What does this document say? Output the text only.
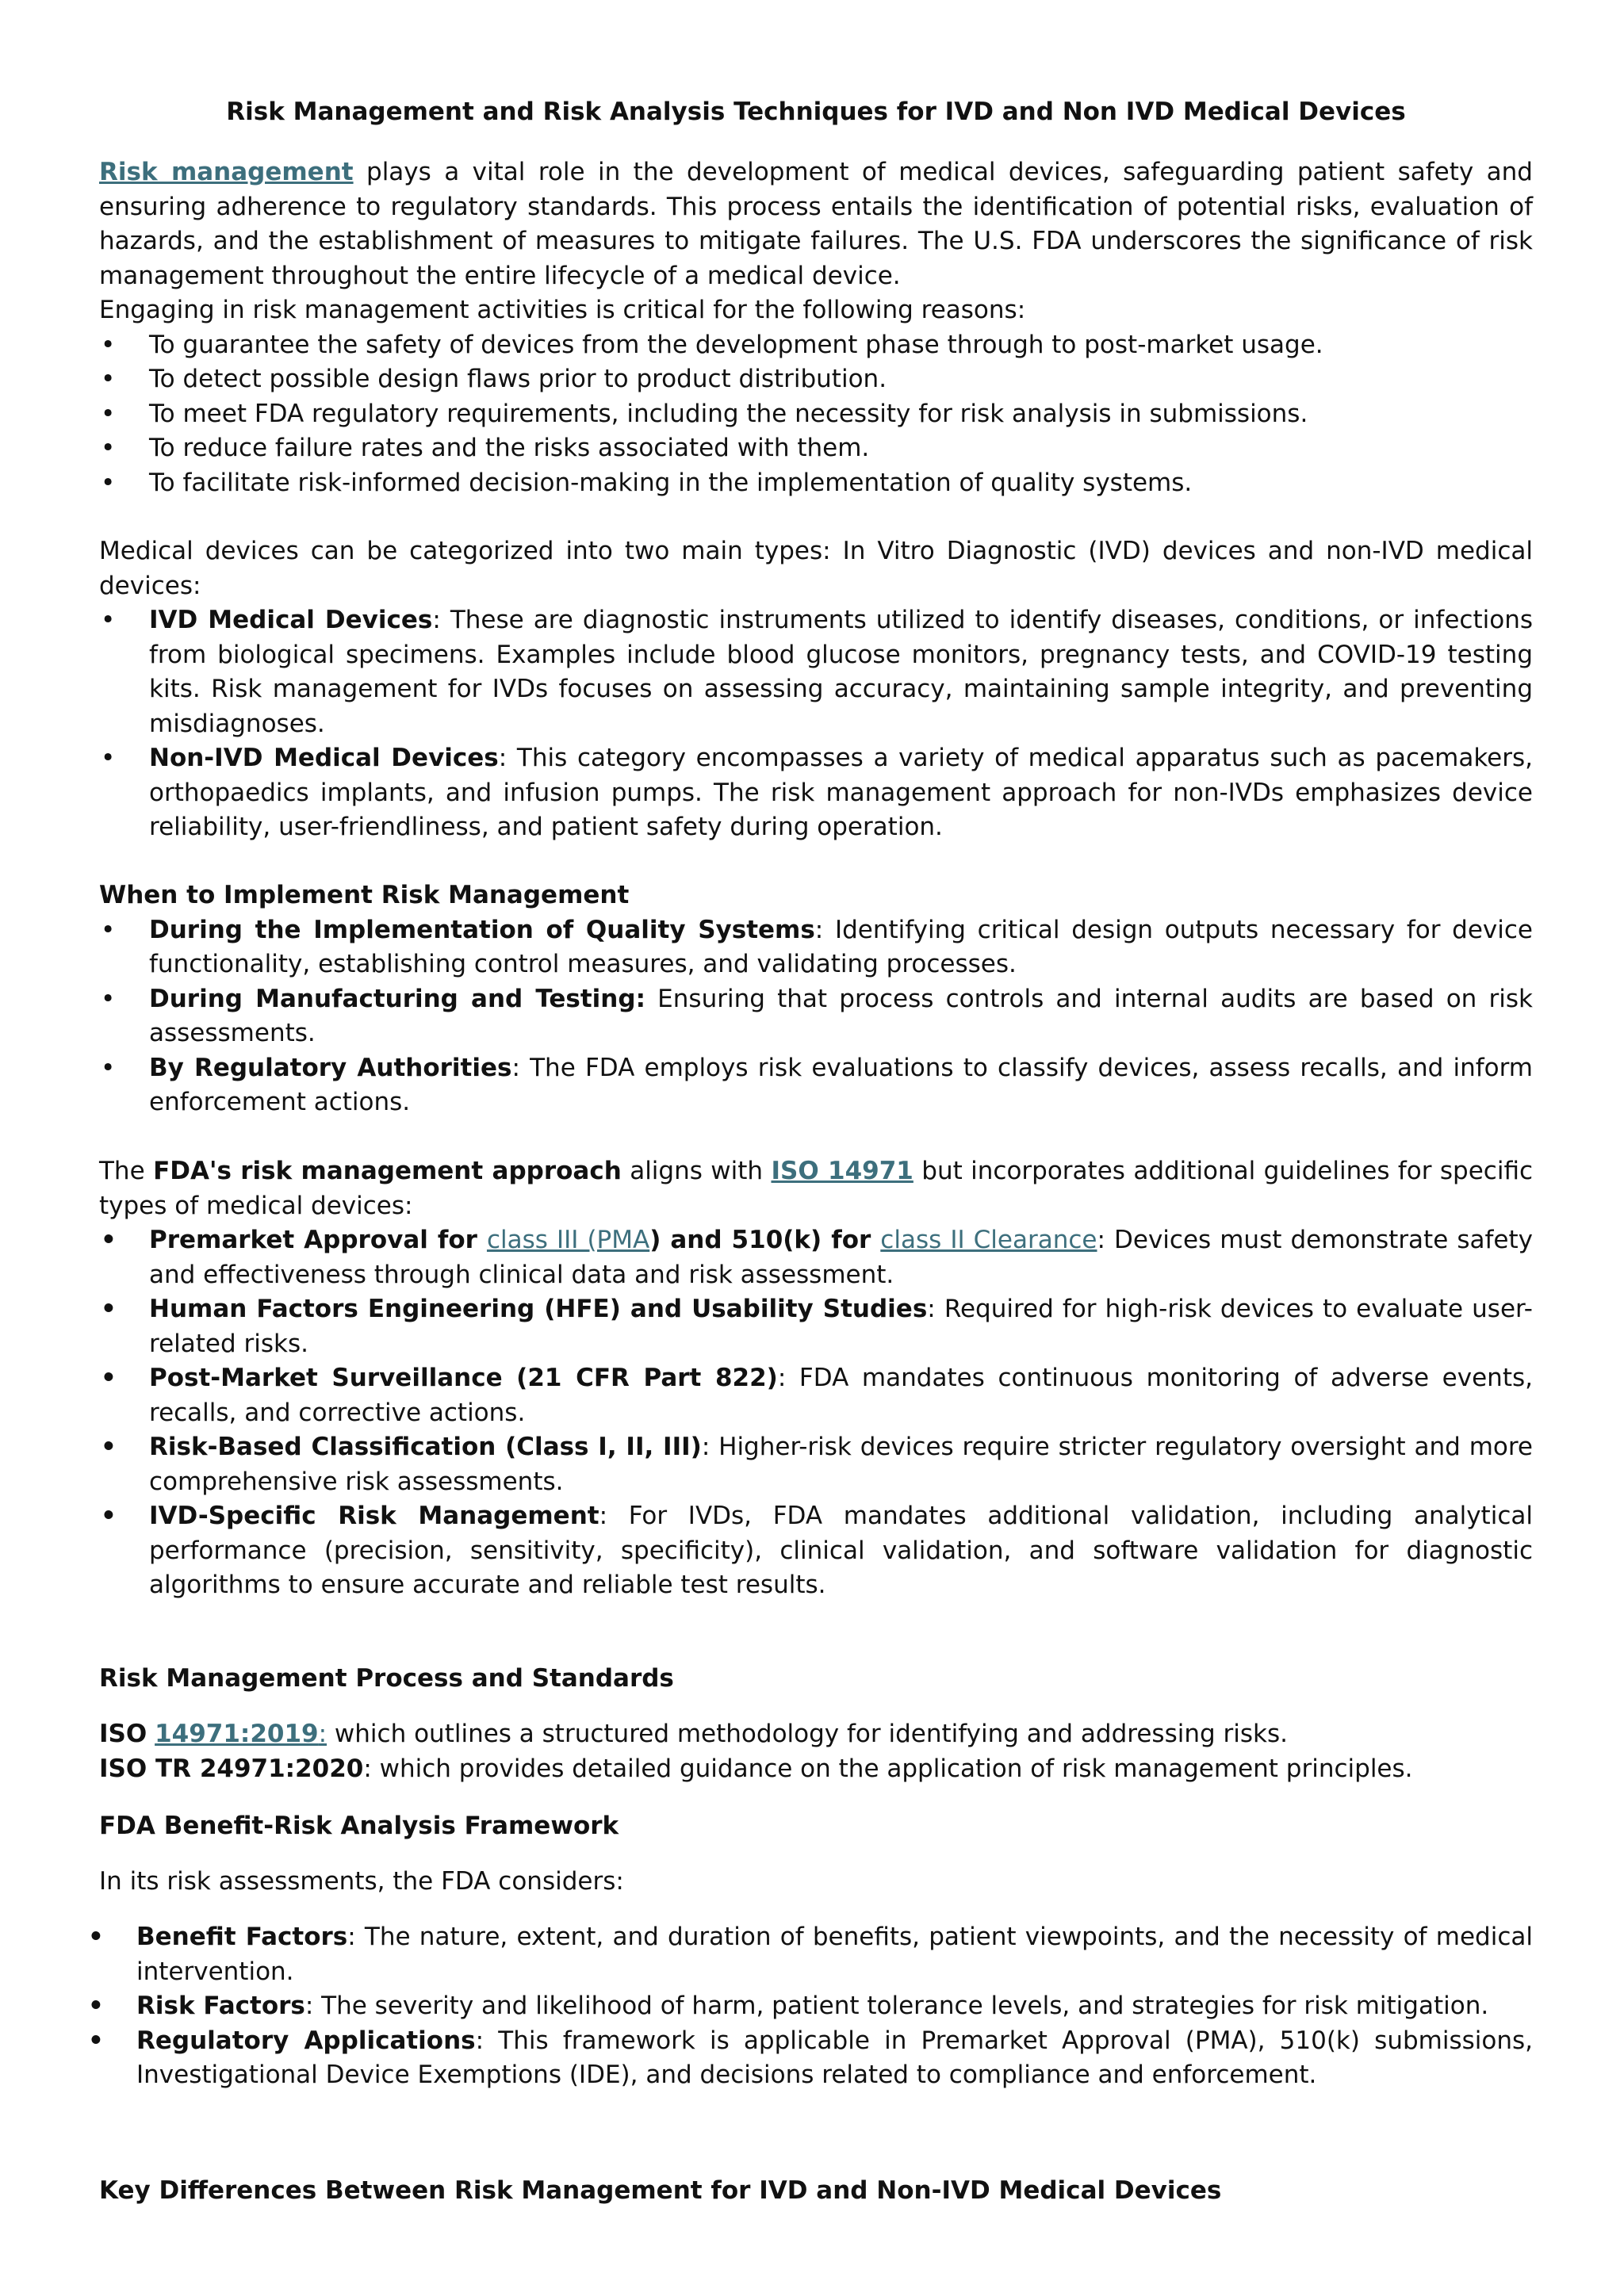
Risk Management and Risk Analysis Techniques for IVD and Non IVD Medical Devices

Risk management plays a vital role in the development of medical devices, safeguarding patient safety and ensuring adherence to regulatory standards. This process entails the identification of potential risks, evaluation of hazards, and the establishment of measures to mitigate failures. The U.S. FDA underscores the significance of risk management throughout the entire lifecycle of a medical device.

Engaging in risk management activities is critical for the following reasons:

• To guarantee the safety of devices from the development phase through to post-market usage.
• To detect possible design flaws prior to product distribution.
• To meet FDA regulatory requirements, including the necessity for risk analysis in submissions.
• To reduce failure rates and the risks associated with them.
• To facilitate risk-informed decision-making in the implementation of quality systems.

Medical devices can be categorized into two main types: In Vitro Diagnostic (IVD) devices and non-IVD medical devices:

• IVD Medical Devices: These are diagnostic instruments utilized to identify diseases, conditions, or infections from biological specimens. Examples include blood glucose monitors, pregnancy tests, and COVID-19 testing kits. Risk management for IVDs focuses on assessing accuracy, maintaining sample integrity, and preventing misdiagnoses.
• Non-IVD Medical Devices: This category encompasses a variety of medical apparatus such as pacemakers, orthopaedics implants, and infusion pumps. The risk management approach for non-IVDs emphasizes device reliability, user-friendliness, and patient safety during operation.
When to Implement Risk Management
• During the Implementation of Quality Systems: Identifying critical design outputs necessary for device functionality, establishing control measures, and validating processes.
• During Manufacturing and Testing: Ensuring that process controls and internal audits are based on risk assessments.
• By Regulatory Authorities: The FDA employs risk evaluations to classify devices, assess recalls, and inform enforcement actions.

The FDA's risk management approach aligns with ISO 14971 but incorporates additional guidelines for specific types of medical devices:

• Premarket Approval for class III (PMA) and 510(k) for class II Clearance: Devices must demonstrate safety and effectiveness through clinical data and risk assessment.
• Human Factors Engineering (HFE) and Usability Studies: Required for high-risk devices to evaluate user-related risks.
• Post-Market Surveillance (21 CFR Part 822): FDA mandates continuous monitoring of adverse events, recalls, and corrective actions.
• Risk-Based Classification (Class I, II, III): Higher-risk devices require stricter regulatory oversight and more comprehensive risk assessments.
• IVD-Specific Risk Management: For IVDs, FDA mandates additional validation, including analytical performance (precision, sensitivity, specificity), clinical validation, and software validation for diagnostic algorithms to ensure accurate and reliable test results.
Risk Management Process and Standards

ISO 14971:2019: which outlines a structured methodology for identifying and addressing risks.
ISO TR 24971:2020: which provides detailed guidance on the application of risk management principles.

FDA Benefit-Risk Analysis Framework

In its risk assessments, the FDA considers:

• Benefit Factors: The nature, extent, and duration of benefits, patient viewpoints, and the necessity of medical intervention.
• Risk Factors: The severity and likelihood of harm, patient tolerance levels, and strategies for risk mitigation.
• Regulatory Applications: This framework is applicable in Premarket Approval (PMA), 510(k) submissions, Investigational Device Exemptions (IDE), and decisions related to compliance and enforcement.
Key Differences Between Risk Management for IVD and Non-IVD Medical Devices
